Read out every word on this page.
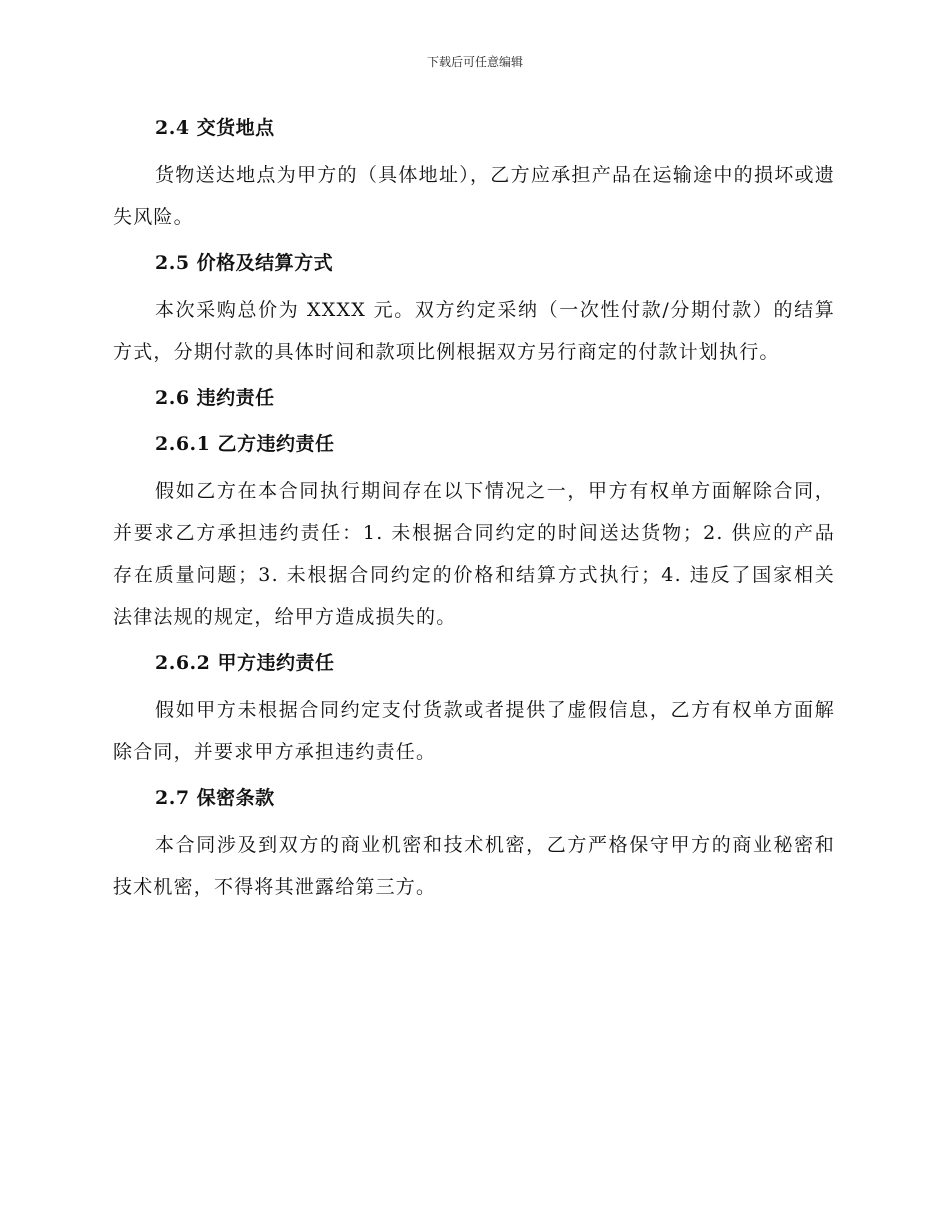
下载后可任意编辑
2.4 交货地点
货物送达地点为甲方的（具体地址），乙方应承担产品在运输途中的损坏或遗失风险。
2.5 价格及结算方式
本次采购总价为 XXXX 元。双方约定采纳（一次性付款/分期付款）的结算方式，分期付款的具体时间和款项比例根据双方另行商定的付款计划执行。
2.6 违约责任
2.6.1 乙方违约责任
假如乙方在本合同执行期间存在以下情况之一，甲方有权单方面解除合同，并要求乙方承担违约责任：1. 未根据合同约定的时间送达货物；2. 供应的产品存在质量问题；3. 未根据合同约定的价格和结算方式执行；4. 违反了国家相关法律法规的规定，给甲方造成损失的。
2.6.2 甲方违约责任
假如甲方未根据合同约定支付货款或者提供了虚假信息，乙方有权单方面解除合同，并要求甲方承担违约责任。
2.7 保密条款
本合同涉及到双方的商业机密和技术机密，乙方严格保守甲方的商业秘密和技术机密，不得将其泄露给第三方。
